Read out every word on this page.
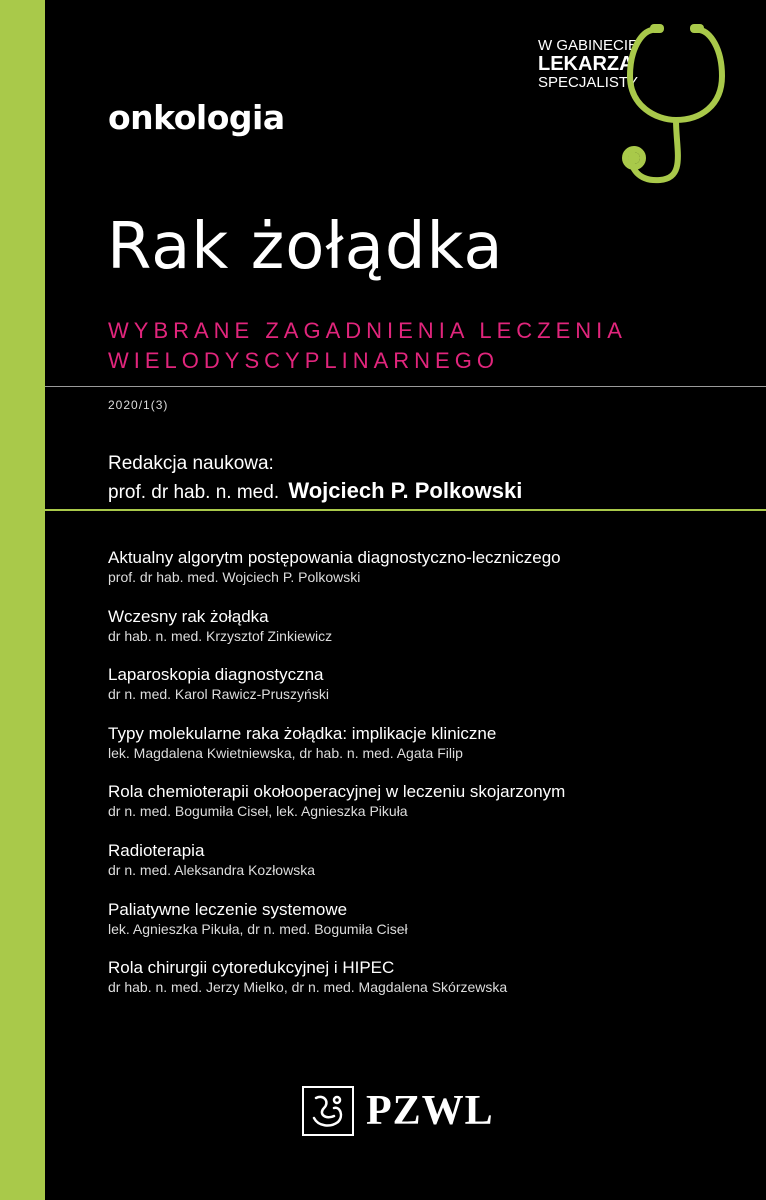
onkologia
W GABINECIE
LEKARZA
SPECJALISTY
Rak żołądka
WYBRANE ZAGADNIENIA LECZENIA
WIELODYSCYPLINARNEGO
2020/1(3)
Redakcja naukowa:
prof. dr hab. n. med. Wojciech P. Polkowski
Aktualny algorytm postępowania diagnostyczno-leczniczego
prof. dr hab. med. Wojciech P. Polkowski
Wczesny rak żołądka
dr hab. n. med. Krzysztof Zinkiewicz
Laparoskopia diagnostyczna
dr n. med. Karol Rawicz-Pruszyński
Typy molekularne raka żołądka: implikacje kliniczne
lek. Magdalena Kwietniewska, dr hab. n. med. Agata Filip
Rola chemioterapii okołooperacyjnej w leczeniu skojarzonym
dr n. med. Bogumiła Ciseł, lek. Agnieszka Pikuła
Radioterapia
dr n. med. Aleksandra Kozłowska
Paliatywne leczenie systemowe
lek. Agnieszka Pikuła, dr n. med. Bogumiła Ciseł
Rola chirurgii cytoredukcyjnej i HIPEC
dr hab. n. med. Jerzy Mielko, dr n. med. Magdalena Skórzewska
PZWL
